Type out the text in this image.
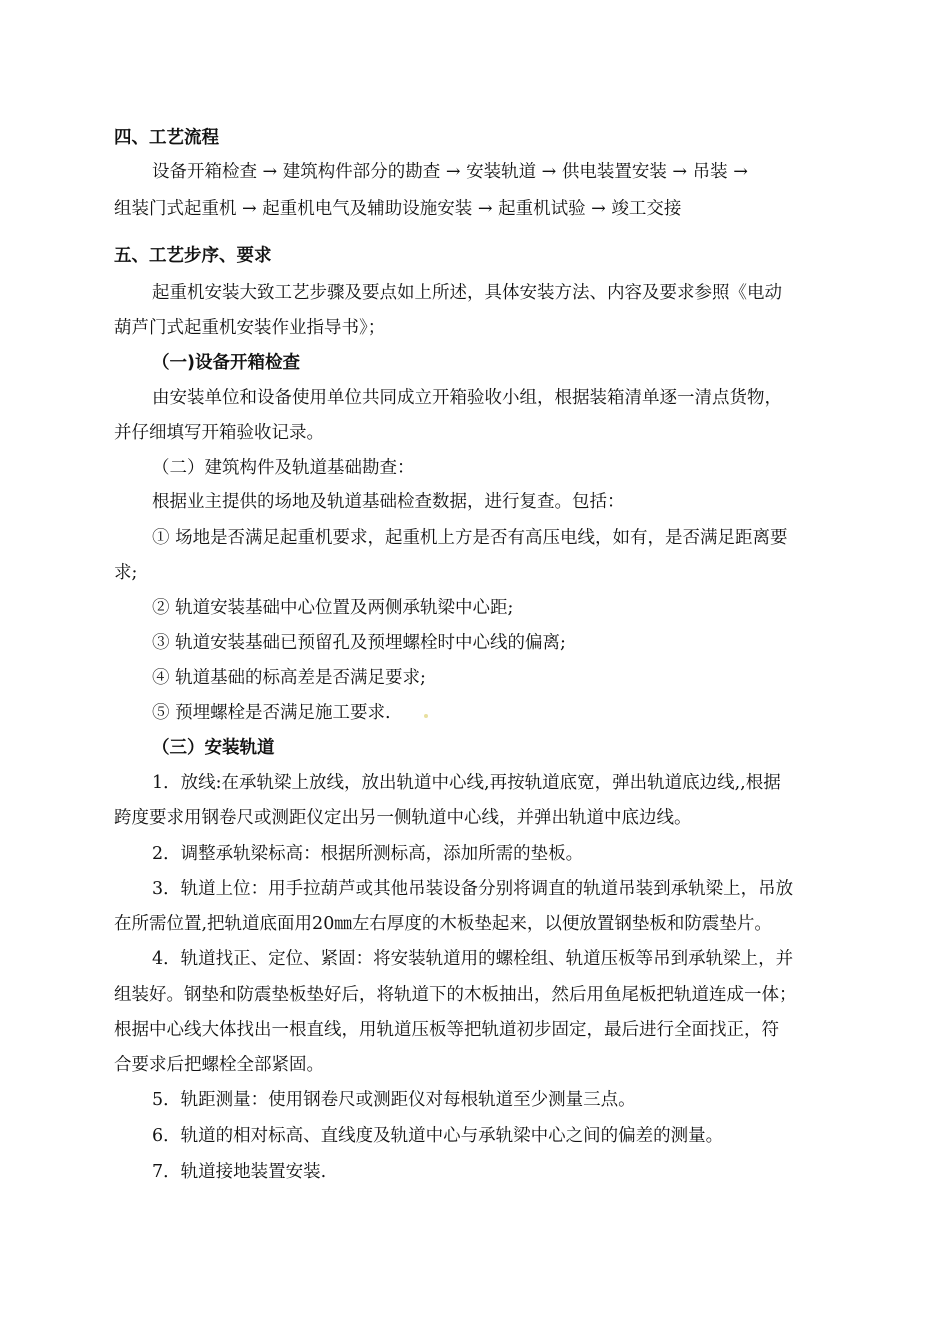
四、工艺流程
设备开箱检查 → 建筑构件部分的勘查 → 安装轨道 → 供电装置安装 → 吊装 →
组装门式起重机 → 起重机电气及辅助设施安装 → 起重机试验 → 竣工交接
五、工艺步序、要求
起重机安装大致工艺步骤及要点如上所述，具体安装方法、内容及要求参照《电动
葫芦门式起重机安装作业指导书》；
（一)设备开箱检查
由安装单位和设备使用单位共同成立开箱验收小组，根据装箱清单逐一清点货物，
并仔细填写开箱验收记录。
（二）建筑构件及轨道基础勘查：
根据业主提供的场地及轨道基础检查数据，进行复查。包括：
① 场地是否满足起重机要求，起重机上方是否有高压电线，如有，是否满足距离要
求;
② 轨道安装基础中心位置及两侧承轨梁中心距;
③ 轨道安装基础已预留孔及预埋螺栓时中心线的偏离;
④ 轨道基础的标高差是否满足要求;
⑤ 预埋螺栓是否满足施工要求.
（三）安装轨道
1．放线:在承轨梁上放线，放出轨道中心线,再按轨道底宽，弹出轨道底边线,,根据
跨度要求用钢卷尺或测距仪定出另一侧轨道中心线，并弹出轨道中底边线。
2．调整承轨梁标高：根据所测标高，添加所需的垫板。
3．轨道上位：用手拉葫芦或其他吊装设备分别将调直的轨道吊装到承轨梁上，吊放
在所需位置,把轨道底面用20㎜左右厚度的木板垫起来，以便放置钢垫板和防震垫片。
4．轨道找正、定位、紧固：将安装轨道用的螺栓组、轨道压板等吊到承轨梁上，并
组装好。钢垫和防震垫板垫好后，将轨道下的木板抽出，然后用鱼尾板把轨道连成一体；
根据中心线大体找出一根直线，用轨道压板等把轨道初步固定，最后进行全面找正，符
合要求后把螺栓全部紧固。
5．轨距测量：使用钢卷尺或测距仪对每根轨道至少测量三点。
6．轨道的相对标高、直线度及轨道中心与承轨梁中心之间的偏差的测量。
7．轨道接地装置安装.
